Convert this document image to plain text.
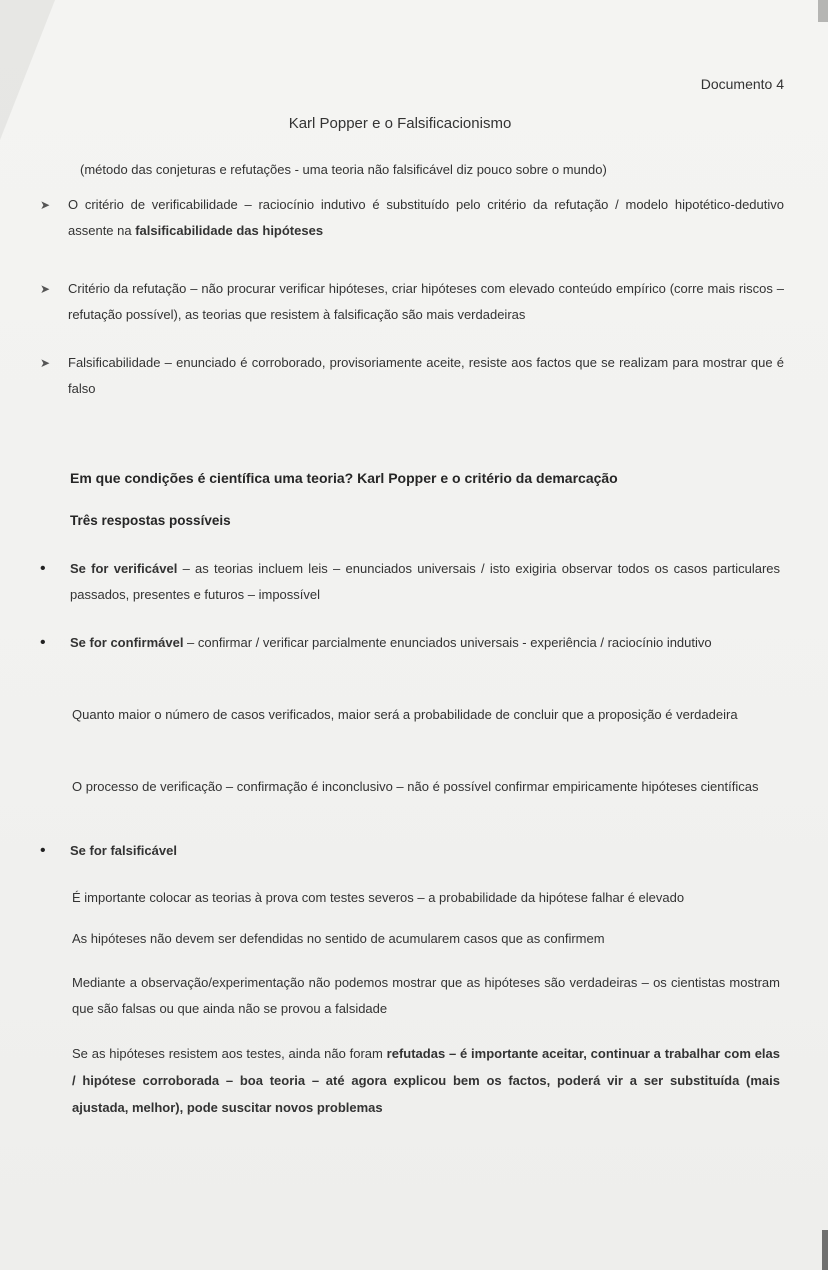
Documento 4
Karl Popper e o Falsificacionismo
(método das conjeturas e refutações - uma teoria não falsificável diz pouco sobre o mundo)
➤ O critério de verificabilidade – raciocínio indutivo é substituído pelo critério da refutação / modelo hipotético-dedutivo assente na falsificabilidade das hipóteses
➤ Critério da refutação – não procurar verificar hipóteses, criar hipóteses com elevado conteúdo empírico (corre mais riscos – refutação possível), as teorias que resistem à falsificação são mais verdadeiras
➤ Falsificabilidade – enunciado é corroborado, provisoriamente aceite, resiste aos factos que se realizam para mostrar que é falso
Em que condições é científica uma teoria? Karl Popper e o critério da demarcação
Três respostas possíveis
• Se for verificável – as teorias incluem leis – enunciados universais / isto exigiria observar todos os casos particulares passados, presentes e futuros – impossível
• Se for confirmável – confirmar / verificar parcialmente enunciados universais - experiência / raciocínio indutivo
Quanto maior o número de casos verificados, maior será a probabilidade de concluir que a proposição é verdadeira
O processo de verificação – confirmação é inconclusivo – não é possível confirmar empiricamente hipóteses científicas
• Se for falsificável
É importante colocar as teorias à prova com testes severos – a probabilidade da hipótese falhar é elevado
As hipóteses não devem ser defendidas no sentido de acumularem casos que as confirmem
Mediante a observação/experimentação não podemos mostrar que as hipóteses são verdadeiras – os cientistas mostram que são falsas ou que ainda não se provou a falsidade
Se as hipóteses resistem aos testes, ainda não foram refutadas – é importante aceitar, continuar a trabalhar com elas / hipótese corroborada – boa teoria – até agora explicou bem os factos, poderá vir a ser substituída (mais ajustada, melhor), pode suscitar novos problemas
